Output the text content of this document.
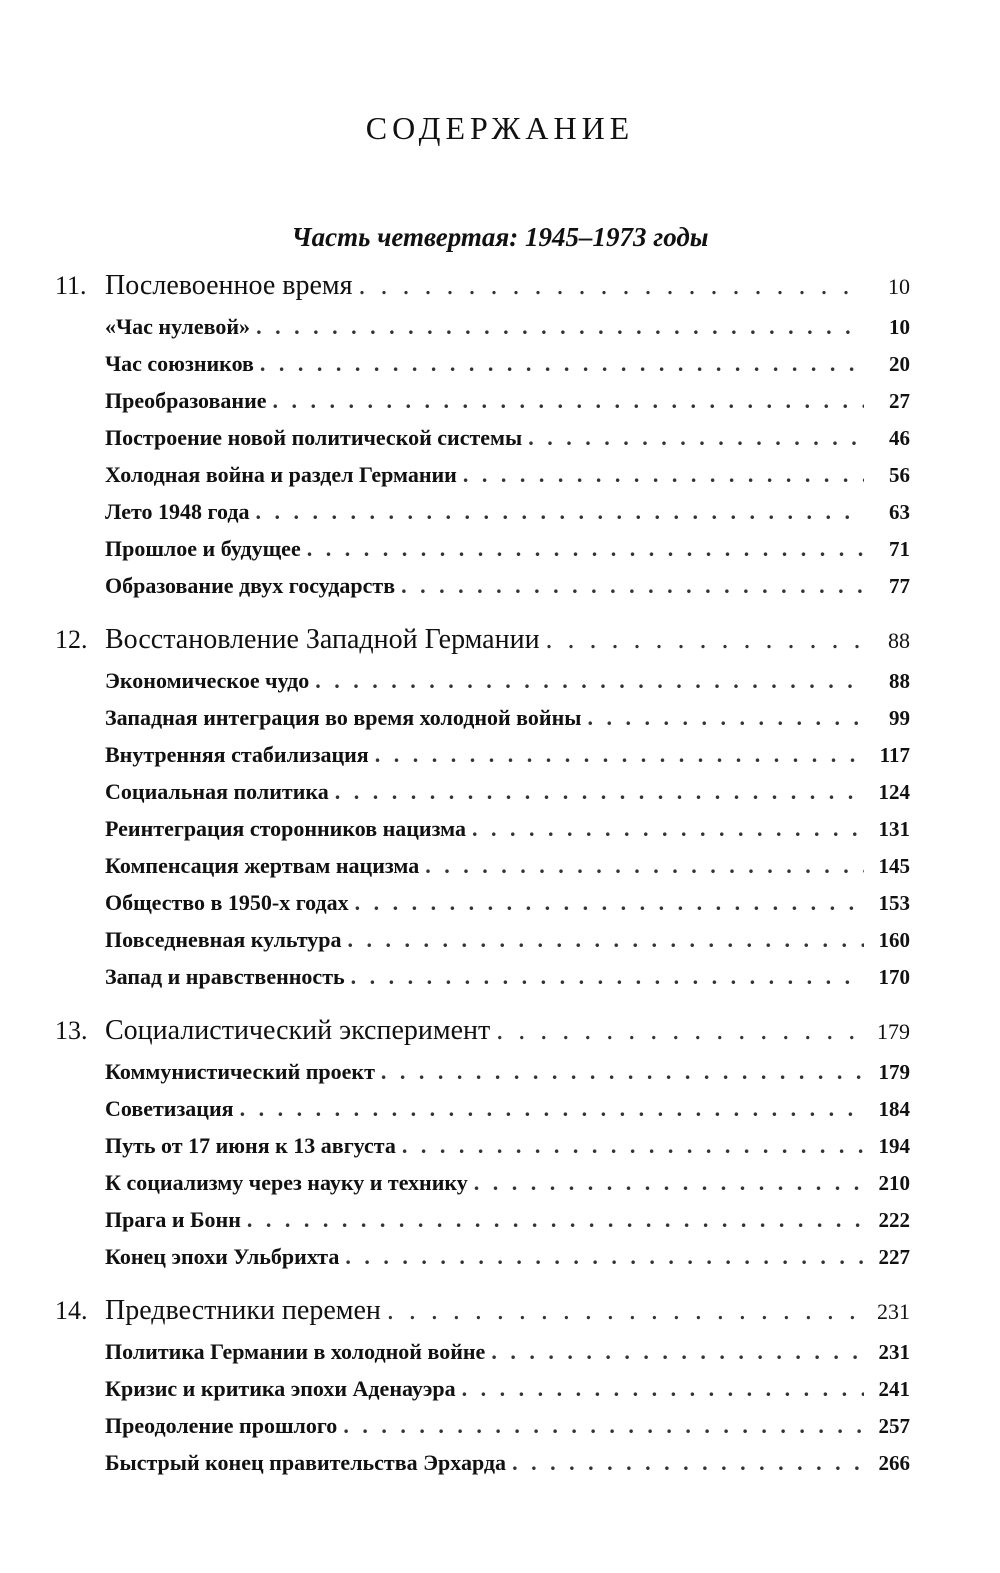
СОДЕРЖАНИЕ
Часть четвертая: 1945–1973 годы
11. Послевоенное время . . .	10
«Час нулевой» . . .	10
Час союзников . . .	20
Преобразование . . .	27
Построение новой политической системы . . .	46
Холодная война и раздел Германии . . .	56
Лето 1948 года . . .	63
Прошлое и будущее . . .	71
Образование двух государств . . .	77
12. Восстановление Западной Германии . . .	88
Экономическое чудо . . .	88
Западная интеграция во время холодной войны . . .	99
Внутренняя стабилизация . . .	117
Социальная политика . . .	124
Реинтеграция сторонников нацизма . . .	131
Компенсация жертвам нацизма . . .	145
Общество в 1950-х годах . . .	153
Повседневная культура . . .	160
Запад и нравственность . . .	170
13. Социалистический эксперимент . . .	179
Коммунистический проект . . .	179
Советизация . . .	184
Путь от 17 июня к 13 августа . . .	194
К социализму через науку и технику . . .	210
Прага и Бонн . . .	222
Конец эпохи Ульбрихта . . .	227
14. Предвестники перемен . . .	231
Политика Германии в холодной войне . . .	231
Кризис и критика эпохи Аденауэра . . .	241
Преодоление прошлого . . .	257
Быстрый конец правительства Эрхарда . . .	266
